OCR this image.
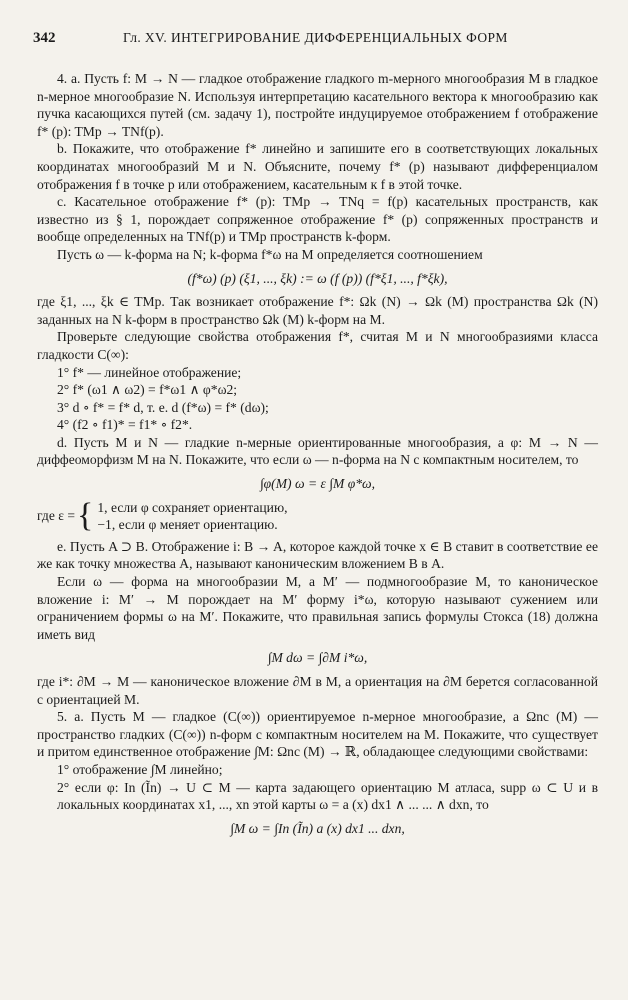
342	Гл. XV. ИНТЕГРИРОВАНИЕ ДИФФЕРЕНЦИАЛЬНЫХ ФОРМ

4. а. Пусть f: M → N — гладкое отображение гладкого m-мерного многообразия M в гладкое n-мерное многообразие N. Используя интерпретацию касательного вектора к многообразию как пучка касающихся путей (см. задачу 1), постройте индуцируемое отображением f отображение f* (p): TMp → TNf(p).

b. Покажите, что отображение f* линейно и запишите его в соответствующих локальных координатах многообразий M и N. Объясните, почему f* (p) называют дифференциалом отображения f в точке p или отображением, касательным к f в этой точке.

c. Касательное отображение f* (p): TMp → TNq = f(p) касательных пространств, как известно из § 1, порождает сопряженное отображение f* (p) сопряженных пространств и вообще определенных на TNf(p) и TMp пространств k-форм.

Пусть ω — k-форма на N; k-форма f*ω на M определяется соотношением

(f*ω) (p) (ξ1, ..., ξk) := ω (f (p)) (f*ξ1, ..., f*ξk),

где ξ1, ..., ξk ∈ TMp. Так возникает отображение f*: Ωk (N) → Ωk (M) пространства Ωk (N) заданных на N k-форм в пространство Ωk (M) k-форм на M.

Проверьте следующие свойства отображения f*, считая M и N многообразиями класса гладкости C(∞):

1° f* — линейное отображение;

2° f* (ω1 ∧ ω2) = f*ω1 ∧ φ*ω2;

3° d ∘ f* = f* d, т. е. d (f*ω) = f* (dω);

4° (f2 ∘ f1)* = f1* ∘ f2*.

d. Пусть M и N — гладкие n-мерные ориентированные многообразия, а φ: M → N — диффеоморфизм M на N. Покажите, что если ω — n-форма на N с компактным носителем, то

∫φ(M) ω = ε ∫M φ*ω,

где ε = { 1, если φ сохраняет ориентацию,
−1, если φ меняет ориентацию.

e. Пусть A ⊃ B. Отображение i: B → A, которое каждой точке x ∈ B ставит в соответствие ее же как точку множества A, называют каноническим вложением B в A.

Если ω — форма на многообразии M, а M′ — подмногообразие M, то каноническое вложение i: M′ → M порождает на M′ форму i*ω, которую называют сужением или ограничением формы ω на M′. Покажите, что правильная запись формулы Стокса (18) должна иметь вид

∫M dω = ∫∂M i*ω,

где i*: ∂M → M — каноническое вложение ∂M в M, а ориентация на ∂M берется согласованной с ориентацией M.

5. а. Пусть M — гладкое (C(∞)) ориентируемое n-мерное многообразие, а Ωnc (M) — пространство гладких (C(∞)) n-форм с компактным носителем на M. Покажите, что существует и притом единственное отображение ∫M: Ωnc (M) → ℝ, обладающее следующими свойствами:

1° отображение ∫M линейно;

2° если φ: In (Ĩn) → U ⊂ M — карта задающего ориентацию M атласа, supp ω ⊂ U и в локальных координатах x1, ..., xn этой карты ω = a (x) dx1 ∧ ... ... ∧ dxn, то

∫M ω = ∫In (Ĩn) a (x) dx1 ... dxn,
